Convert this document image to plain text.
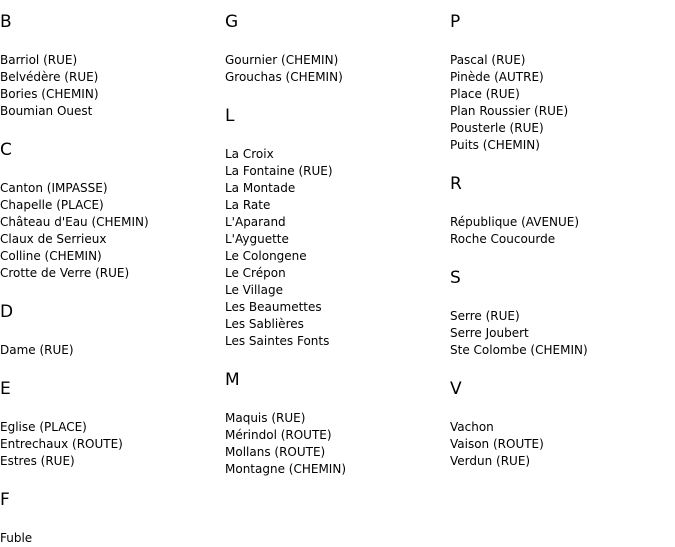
B
Barriol (RUE)
Belvédère (RUE)
Bories (CHEMIN)
Boumian Ouest
C
Canton (IMPASSE)
Chapelle (PLACE)
Château d'Eau (CHEMIN)
Claux de Serrieux
Colline (CHEMIN)
Crotte de Verre (RUE)
D
Dame (RUE)
E
Eglise (PLACE)
Entrechaux (ROUTE)
Estres (RUE)
F
Fuble
G
Gournier (CHEMIN)
Grouchas (CHEMIN)
L
La Croix
La Fontaine (RUE)
La Montade
La Rate
L'Aparand
L'Ayguette
Le Colongene
Le Crépon
Le Village
Les Beaumettes
Les Sablières
Les Saintes Fonts
M
Maquis (RUE)
Mérindol (ROUTE)
Mollans (ROUTE)
Montagne (CHEMIN)
P
Pascal (RUE)
Pinède (AUTRE)
Place (RUE)
Plan Roussier (RUE)
Pousterle (RUE)
Puits (CHEMIN)
R
République (AVENUE)
Roche Coucourde
S
Serre (RUE)
Serre Joubert
Ste Colombe (CHEMIN)
V
Vachon
Vaison (ROUTE)
Verdun (RUE)
